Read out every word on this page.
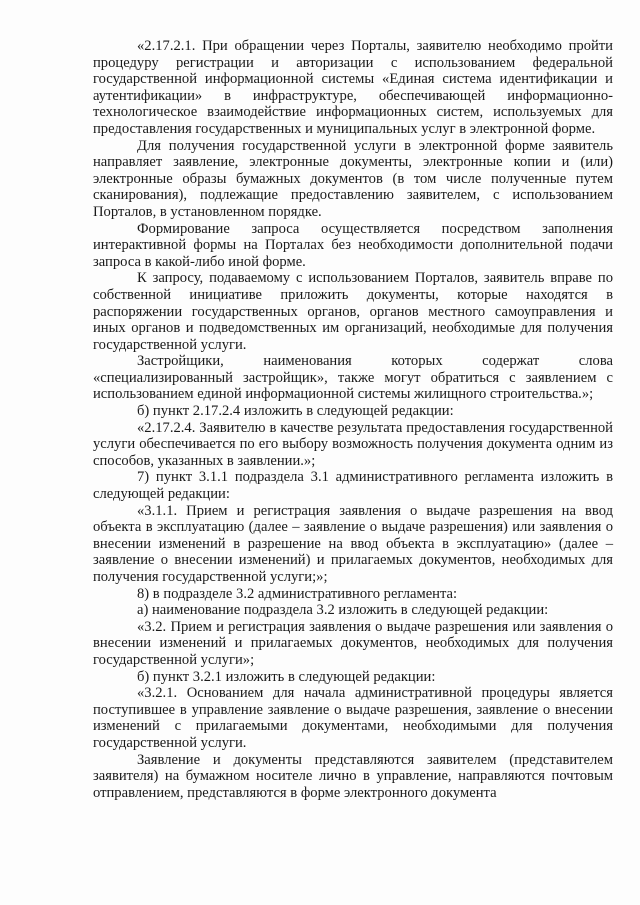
«2.17.2.1. При обращении через Порталы, заявителю необходимо пройти процедуру регистрации и авторизации с использованием федеральной государственной информационной системы «Единая система идентификации и аутентификации» в инфраструктуре, обеспечивающей информационно-технологическое взаимодействие информационных систем, используемых для предоставления государственных и муниципальных услуг в электронной форме.

Для получения государственной услуги в электронной форме заявитель направляет заявление, электронные документы, электронные копии и (или) электронные образы бумажных документов (в том числе полученные путем сканирования), подлежащие предоставлению заявителем, с использованием Порталов, в установленном порядке.

Формирование запроса осуществляется посредством заполнения интерактивной формы на Порталах без необходимости дополнительной подачи запроса в какой-либо иной форме.

К запросу, подаваемому с использованием Порталов, заявитель вправе по собственной инициативе приложить документы, которые находятся в распоряжении государственных органов, органов местного самоуправления и иных органов и подведомственных им организаций, необходимые для получения государственной услуги.

Застройщики, наименования которых содержат слова «специализированный застройщик», также могут обратиться с заявлением с использованием единой информационной системы жилищного строительства.»;

б) пункт 2.17.2.4 изложить в следующей редакции:

«2.17.2.4. Заявителю в качестве результата предоставления государственной услуги обеспечивается по его выбору возможность получения документа одним из способов, указанных в заявлении.»;

7) пункт 3.1.1 подраздела 3.1 административного регламента изложить в следующей редакции:

«3.1.1. Прием и регистрация заявления о выдаче разрешения на ввод объекта в эксплуатацию (далее – заявление о выдаче разрешения) или заявления о внесении изменений в разрешение на ввод объекта в эксплуатацию» (далее – заявление о внесении изменений) и прилагаемых документов, необходимых для получения государственной услуги;»;

8) в подразделе 3.2 административного регламента:

а) наименование подраздела 3.2 изложить в следующей редакции:

«3.2. Прием и регистрация заявления о выдаче разрешения или заявления о внесении изменений и прилагаемых документов, необходимых для получения государственной услуги»;

б) пункт 3.2.1 изложить в следующей редакции:

«3.2.1. Основанием для начала административной процедуры является поступившее в управление заявление о выдаче разрешения, заявление о внесении изменений с прилагаемыми документами, необходимыми для получения государственной услуги.

Заявление и документы представляются заявителем (представителем заявителя) на бумажном носителе лично в управление, направляются почтовым отправлением, представляются в форме электронного документа
